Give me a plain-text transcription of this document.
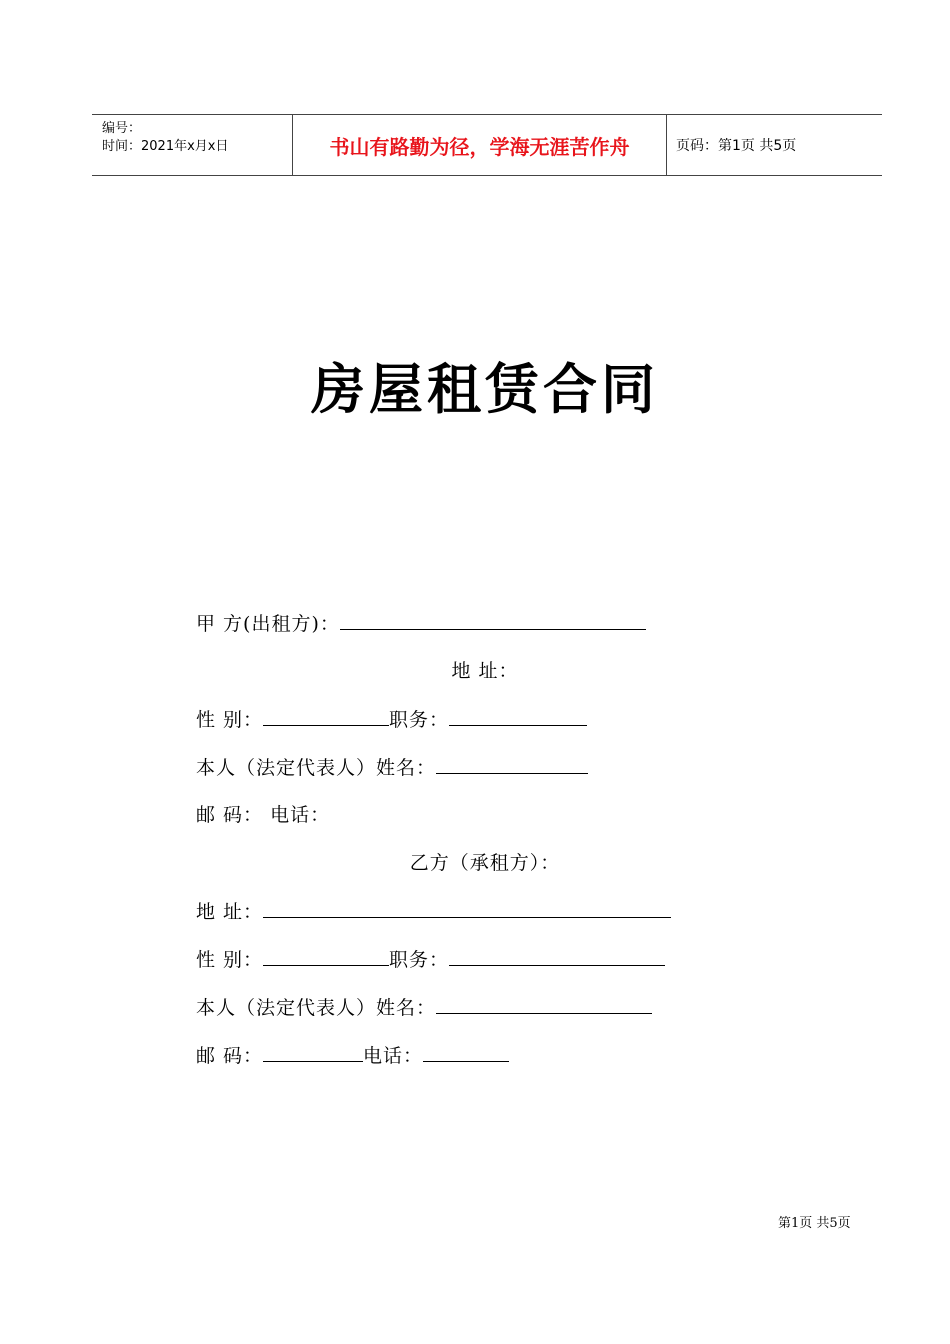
编号：
时间：2021年x月x日	书山有路勤为径，学海无涯苦作舟	页码：第1页 共5页
房屋租赁合同
甲 方(出租方)：
地 址：
性 别：	职务：
本人（法定代表人）姓名：
邮 码： 电话：
乙方（承租方）：
地 址：
性 别：	职务：
本人（法定代表人）姓名：
邮 码：	电话：
第1页 共5页
